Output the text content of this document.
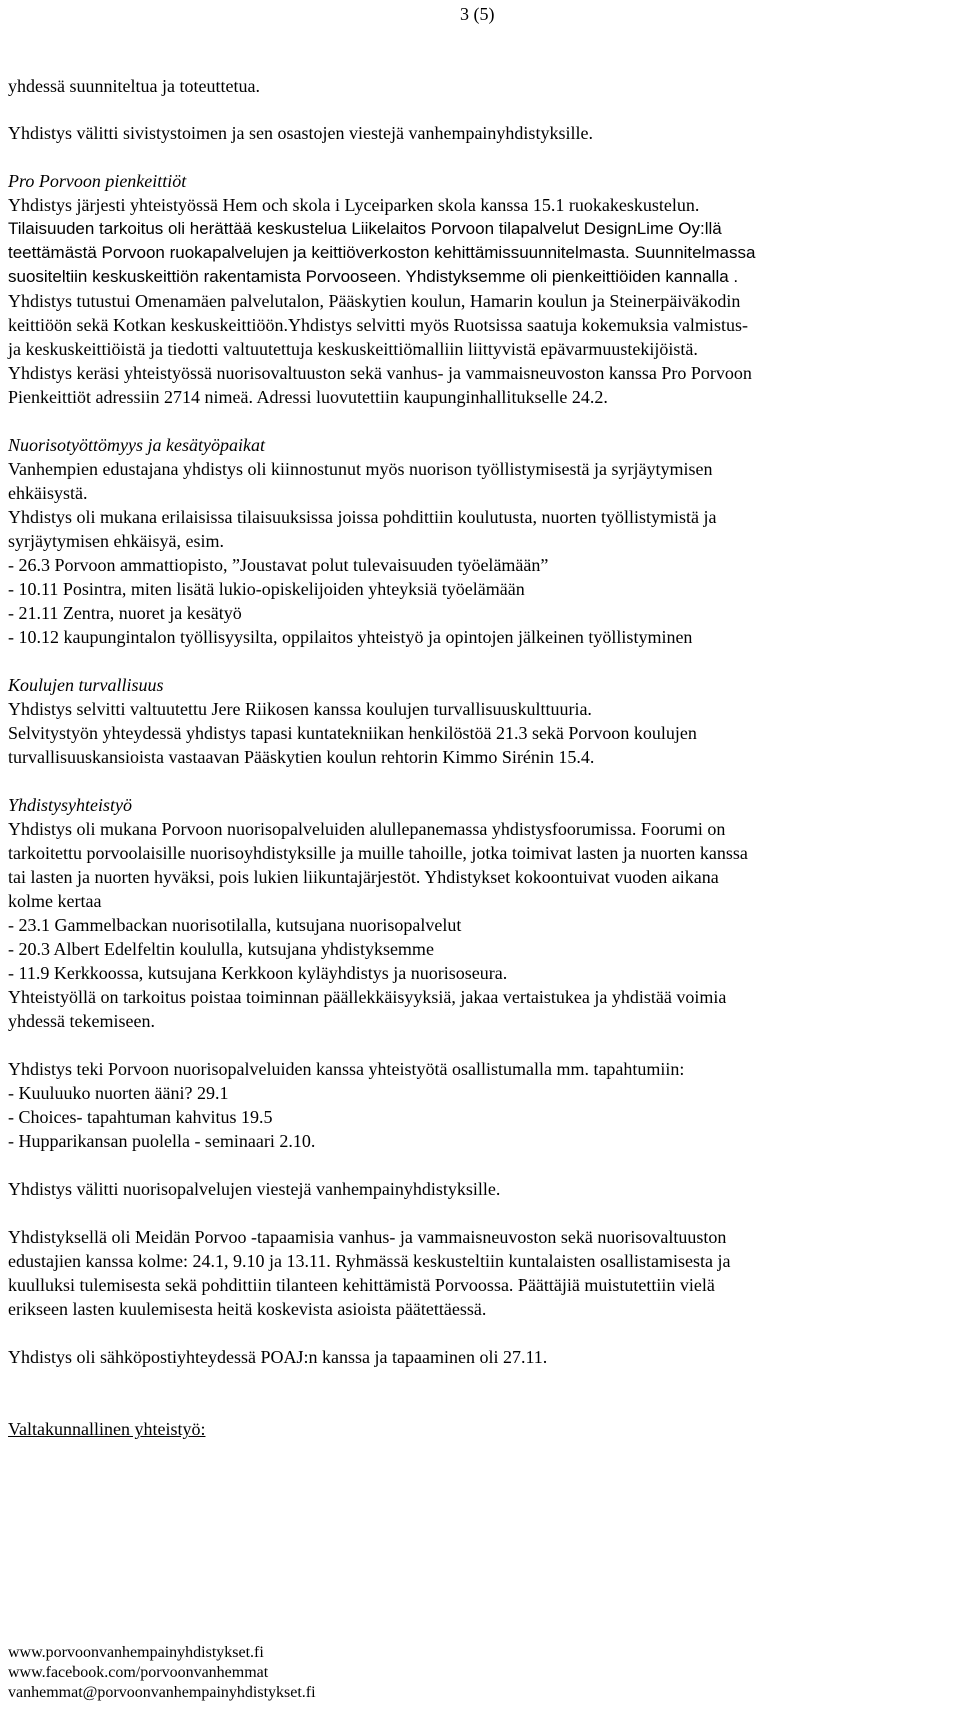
3 (5)

yhdessä suunniteltua ja toteuttetua.

Yhdistys välitti sivistystoimen ja sen osastojen viestejä vanhempainyhdistyksille.

Pro Porvoon pienkeittiöt

Yhdistys järjesti yhteistyössä Hem och skola i Lyceiparken skola kanssa 15.1 ruokakeskustelun.

Tilaisuuden tarkoitus oli herättää keskustelua Liikelaitos Porvoon tilapalvelut DesignLime Oy:llä

teettämästä Porvoon ruokapalvelujen ja keittiöverkoston kehittämissuunnitelmasta. Suunnitelmassa

suositeltiin keskuskeittiön rakentamista Porvooseen. Yhdistyksemme oli pienkeittiöiden kannalla .

Yhdistys tutustui Omenamäen palvelutalon, Pääskytien koulun, Hamarin koulun ja Steinerpäiväkodin

keittiöön sekä Kotkan keskuskeittiöön.Yhdistys selvitti myös Ruotsissa saatuja kokemuksia valmistus-

ja keskuskeittiöistä ja tiedotti valtuutettuja keskuskeittiömalliin liittyvistä epävarmuustekijöistä.

Yhdistys keräsi yhteistyössä nuorisovaltuuston sekä vanhus- ja vammaisneuvoston kanssa Pro Porvoon

Pienkeittiöt adressiin 2714 nimeä. Adressi luovutettiin kaupunginhallitukselle 24.2.

Nuorisotyöttömyys ja kesätyöpaikat

Vanhempien edustajana yhdistys oli kiinnostunut myös nuorison työllistymisestä ja syrjäytymisen

ehkäisystä.

Yhdistys oli mukana erilaisissa tilaisuuksissa joissa pohdittiin koulutusta, nuorten työllistymistä ja

syrjäytymisen ehkäisyä, esim.

- 26.3 Porvoon ammattiopisto, ”Joustavat polut tulevaisuuden työelämään”

- 10.11 Posintra, miten lisätä lukio-opiskelijoiden yhteyksiä työelämään

- 21.11 Zentra, nuoret ja kesätyö

- 10.12 kaupungintalon työllisyysilta, oppilaitos yhteistyö ja opintojen jälkeinen työllistyminen

Koulujen turvallisuus

Yhdistys selvitti valtuutettu Jere Riikosen kanssa koulujen turvallisuuskulttuuria.

Selvitystyön yhteydessä yhdistys tapasi kuntatekniikan henkilöstöä 21.3 sekä Porvoon koulujen

turvallisuuskansioista vastaavan Pääskytien koulun rehtorin Kimmo Sirénin 15.4.

Yhdistysyhteistyö

Yhdistys oli mukana Porvoon nuorisopalveluiden alullepanemassa yhdistysfoorumissa. Foorumi on

tarkoitettu porvoolaisille nuorisoyhdistyksille ja muille tahoille, jotka toimivat lasten ja nuorten kanssa

tai lasten ja nuorten hyväksi, pois lukien liikuntajärjestöt. Yhdistykset kokoontuivat vuoden aikana

kolme kertaa

- 23.1 Gammelbackan nuorisotilalla, kutsujana nuorisopalvelut

- 20.3 Albert Edelfeltin koululla, kutsujana yhdistyksemme

- 11.9 Kerkkoossa, kutsujana Kerkkoon kyläyhdistys ja nuorisoseura.

Yhteistyöllä on tarkoitus poistaa toiminnan päällekkäisyyksiä, jakaa vertaistukea ja yhdistää voimia

yhdessä tekemiseen.

Yhdistys teki Porvoon nuorisopalveluiden kanssa yhteistyötä osallistumalla mm. tapahtumiin:

- Kuuluuko nuorten ääni? 29.1

- Choices- tapahtuman kahvitus 19.5

- Hupparikansan puolella - seminaari 2.10.

Yhdistys välitti nuorisopalvelujen viestejä vanhempainyhdistyksille.

Yhdistyksellä oli Meidän Porvoo -tapaamisia vanhus- ja vammaisneuvoston sekä nuorisovaltuuston

edustajien kanssa kolme: 24.1, 9.10 ja 13.11. Ryhmässä keskusteltiin kuntalaisten osallistamisesta ja

kuulluksi tulemisesta sekä pohdittiin tilanteen kehittämistä Porvoossa. Päättäjiä muistutettiin vielä

erikseen lasten kuulemisesta heitä koskevista asioista päätettäessä.

Yhdistys oli sähköpostiyhteydessä POAJ:n kanssa ja tapaaminen oli 27.11.

Valtakunnallinen yhteistyö:

www.porvoonvanhempainyhdistykset.fi

www.facebook.com/porvoonvanhemmat

vanhemmat@porvoonvanhempainyhdistykset.fi
